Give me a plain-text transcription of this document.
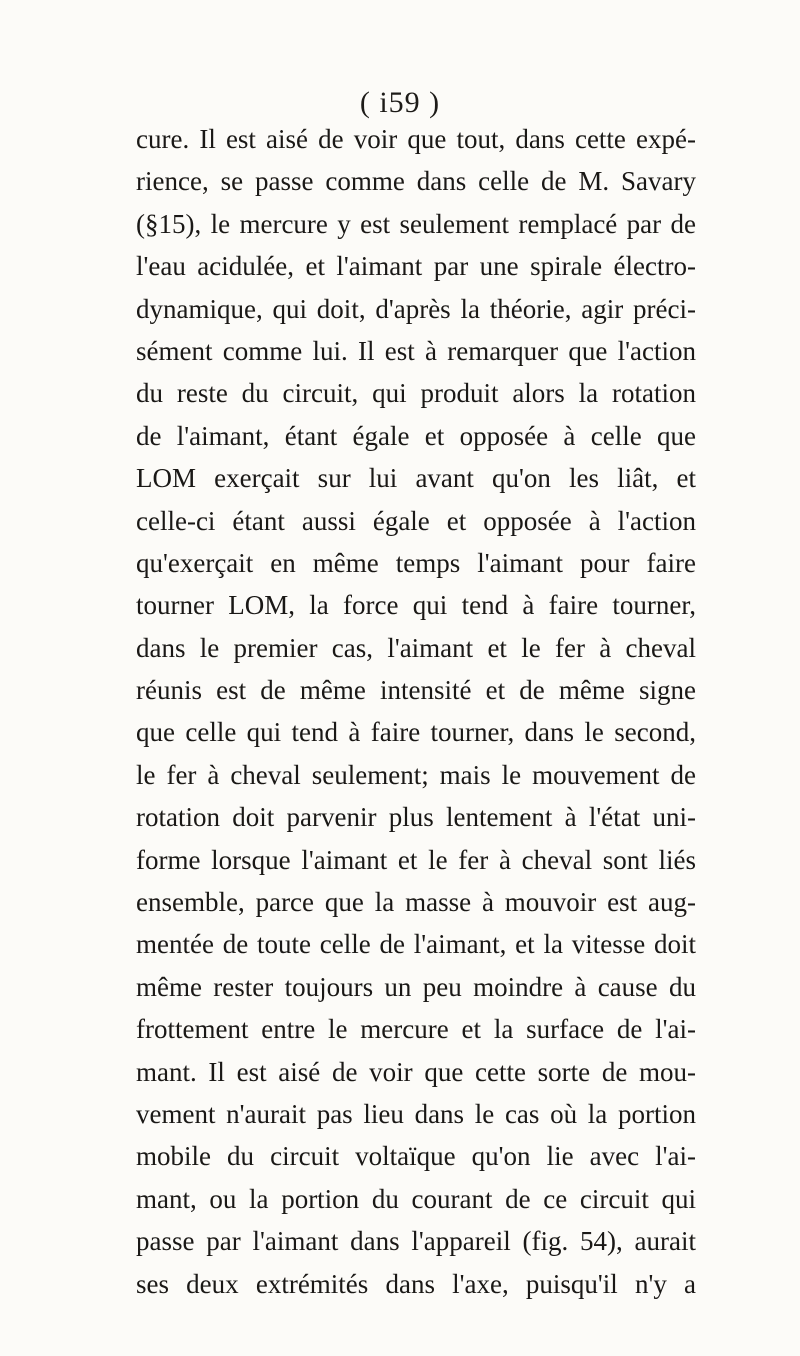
( i59 )
cure. Il est aisé de voir que tout, dans cette expé-
rience, se passe comme dans celle de M. Savary
(§15), le mercure y est seulement remplacé par de
l'eau acidulée, et l'aimant par une spirale électro-
dynamique, qui doit, d'après la théorie, agir préci-
sément comme lui. Il est à remarquer que l'action
du reste du circuit, qui produit alors la rotation
de l'aimant, étant égale et opposée à celle que
LOM exerçait sur lui avant qu'on les liât, et
celle-ci étant aussi égale et opposée à l'action
qu'exerçait en même temps l'aimant pour faire
tourner LOM, la force qui tend à faire tourner,
dans le premier cas, l'aimant et le fer à cheval
réunis est de même intensité et de même signe
que celle qui tend à faire tourner, dans le second,
le fer à cheval seulement; mais le mouvement de
rotation doit parvenir plus lentement à l'état uni-
forme lorsque l'aimant et le fer à cheval sont liés
ensemble, parce que la masse à mouvoir est aug-
mentée de toute celle de l'aimant, et la vitesse doit
même rester toujours un peu moindre à cause du
frottement entre le mercure et la surface de l'ai-
mant. Il est aisé de voir que cette sorte de mou-
vement n'aurait pas lieu dans le cas où la portion
mobile du circuit voltaïque qu'on lie avec l'ai-
mant, ou la portion du courant de ce circuit qui
passe par l'aimant dans l'appareil (fig. 54), aurait
ses deux extrémités dans l'axe, puisqu'il n'y a
